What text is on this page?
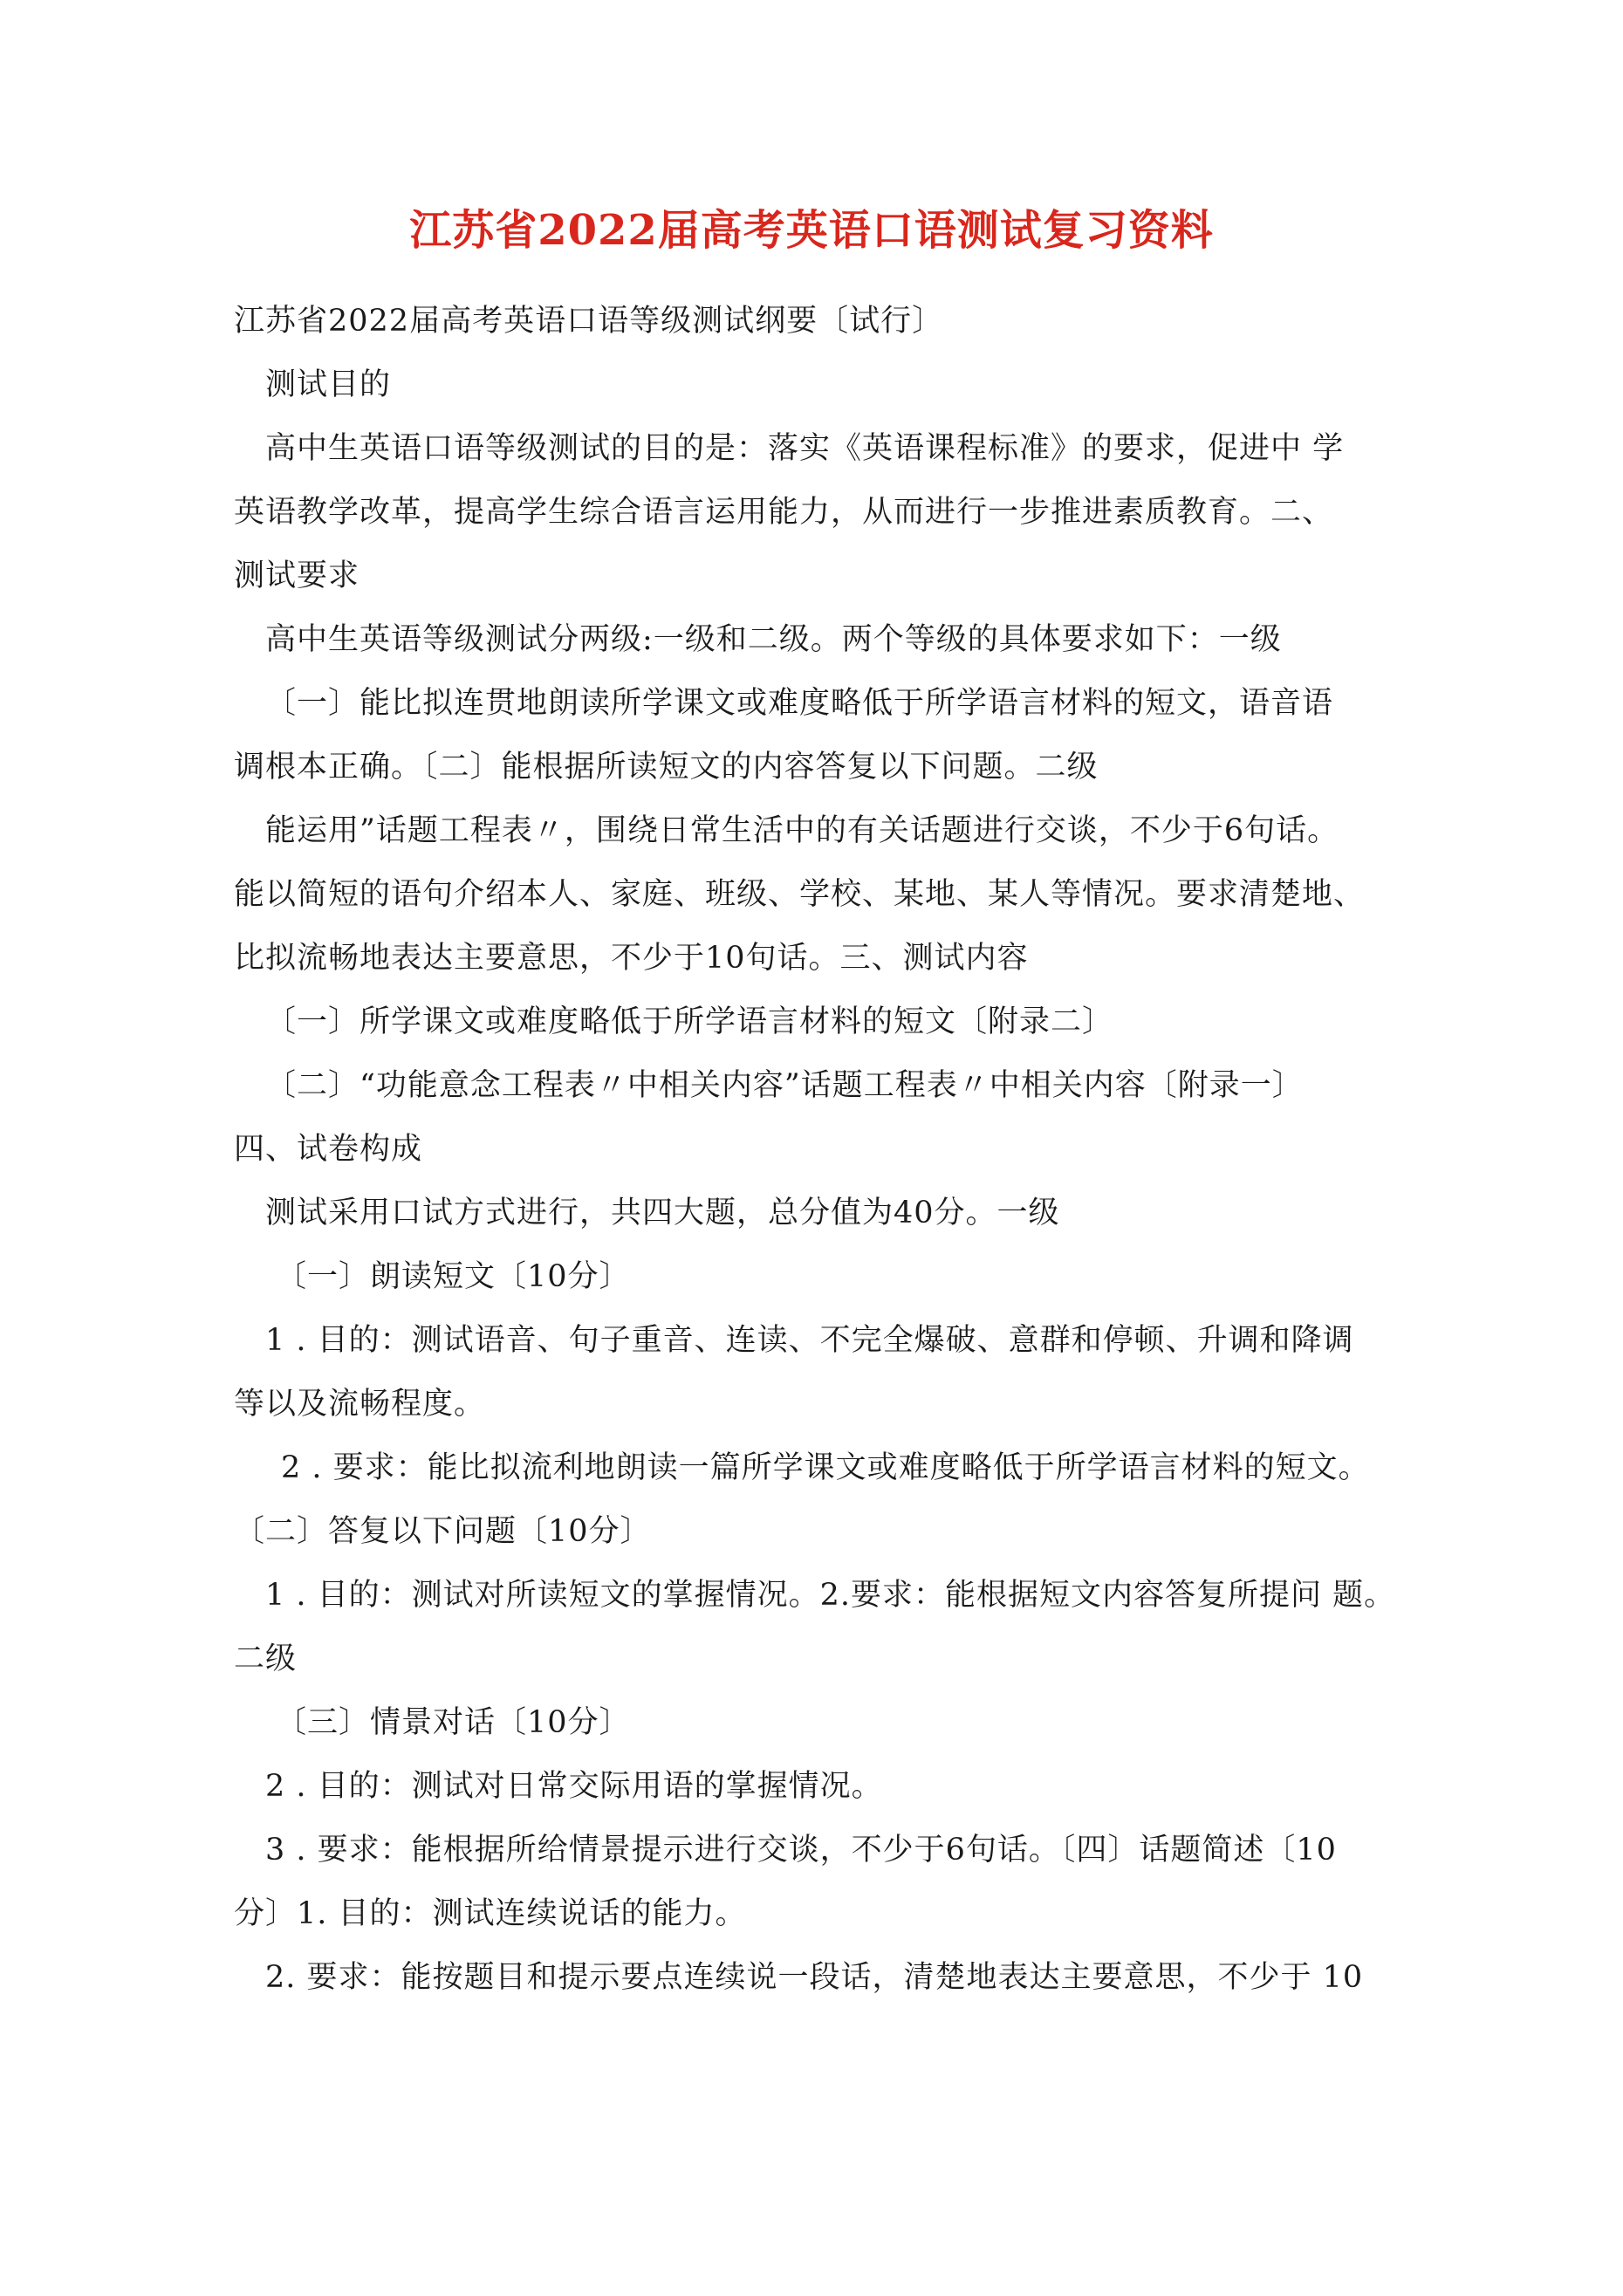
江苏省2022届高考英语口语测试复习资料
江苏省2022届高考英语口语等级测试纲要〔试行〕
测试目的
高中生英语口语等级测试的目的是：落实《英语课程标准》的要求，促进中 学
英语教学改革，提高学生综合语言运用能力，从而进行一步推进素质教育。二、
测试要求
高中生英语等级测试分两级:一级和二级。两个等级的具体要求如下：一级
〔一〕能比拟连贯地朗读所学课文或难度略低于所学语言材料的短文，语音语
调根本正确。〔二〕能根据所读短文的内容答复以下问题。二级
能运用”话题工程表〃，围绕日常生活中的有关话题进行交谈，不少于6句话。
能以简短的语句介绍本人、家庭、班级、学校、某地、某人等情况。要求清楚地、
比拟流畅地表达主要意思，不少于10句话。三、测试内容
〔一〕所学课文或难度略低于所学语言材料的短文〔附录二〕
〔二〕“功能意念工程表〃中相关内容”话题工程表〃中相关内容〔附录一〕
四、试卷构成
测试采用口试方式进行，共四大题，总分值为40分。一级
〔一〕朗读短文〔10分〕
1 . 目的：测试语音、句子重音、连读、不完全爆破、意群和停顿、升调和降调
等以及流畅程度。
2 . 要求：能比拟流利地朗读一篇所学课文或难度略低于所学语言材料的短文。
〔二〕答复以下问题〔10分〕
1 . 目的：测试对所读短文的掌握情况。2.要求：能根据短文内容答复所提问 题。
二级
〔三〕情景对话〔10分〕
2 . 目的：测试对日常交际用语的掌握情况。
3 . 要求：能根据所给情景提示进行交谈，不少于6句话。〔四〕话题简述〔10
分〕1. 目的：测试连续说话的能力。
2. 要求：能按题目和提示要点连续说一段话，清楚地表达主要意思，不少于 10
